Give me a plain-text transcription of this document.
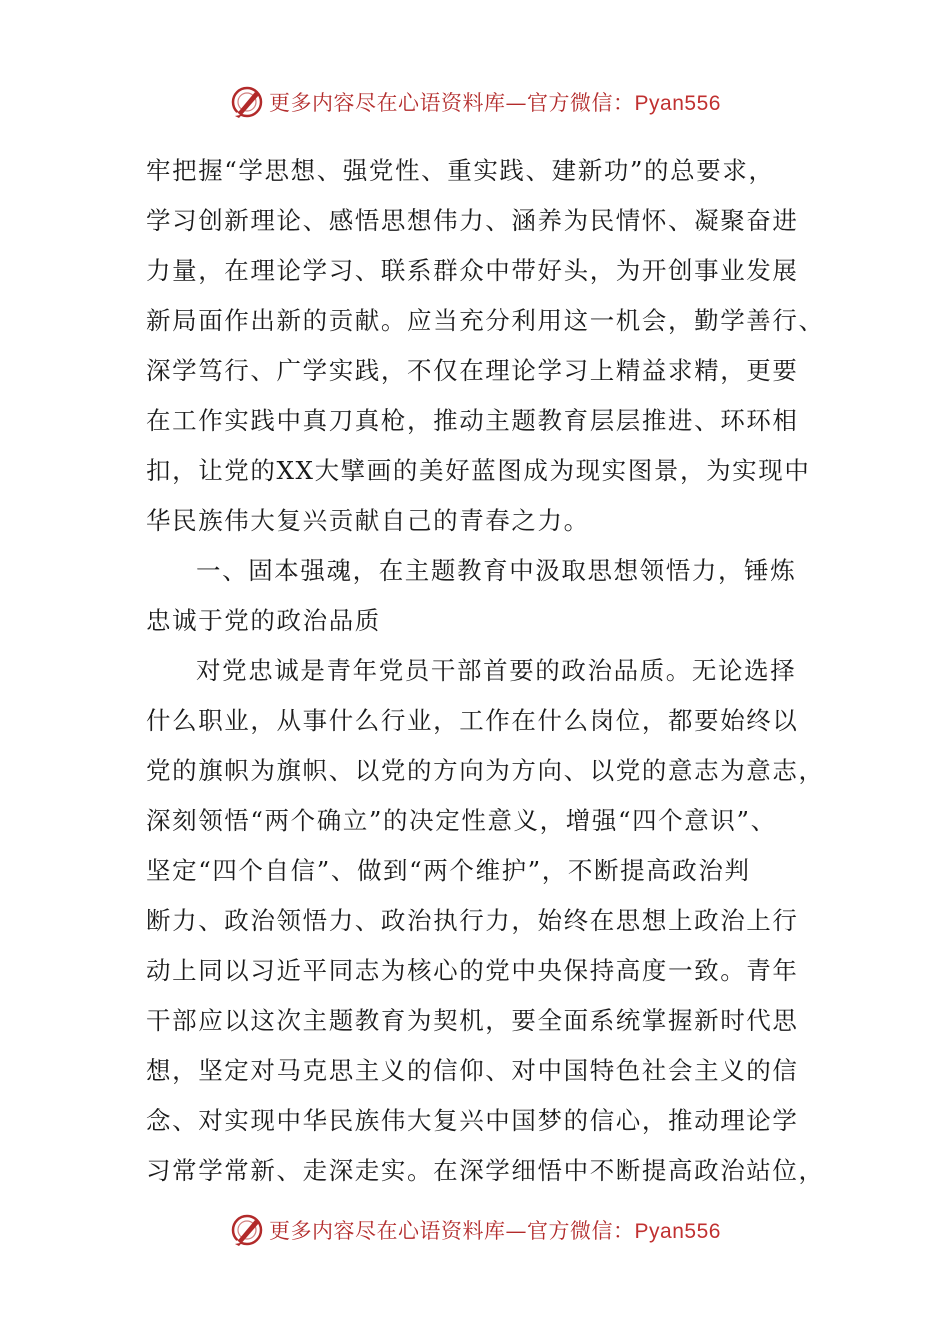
更多内容尽在心语资料库—官方微信：Pyan556
牢把握“学思想、强党性、重实践、建新功”的总要求，
学习创新理论、感悟思想伟力、涵养为民情怀、凝聚奋进
力量，在理论学习、联系群众中带好头，为开创事业发展
新局面作出新的贡献。应当充分利用这一机会，勤学善行、
深学笃行、广学实践，不仅在理论学习上精益求精，更要
在工作实践中真刀真枪，推动主题教育层层推进、环环相
扣，让党的XX大擘画的美好蓝图成为现实图景，为实现中
华民族伟大复兴贡献自己的青春之力。
一、固本强魂，在主题教育中汲取思想领悟力，锤炼
忠诚于党的政治品质
对党忠诚是青年党员干部首要的政治品质。无论选择
什么职业，从事什么行业，工作在什么岗位，都要始终以
党的旗帜为旗帜、以党的方向为方向、以党的意志为意志，
深刻领悟“两个确立”的决定性意义，增强“四个意识”、
坚定“四个自信”、做到“两个维护”，不断提高政治判
断力、政治领悟力、政治执行力，始终在思想上政治上行
动上同以习近平同志为核心的党中央保持高度一致。青年
干部应以这次主题教育为契机，要全面系统掌握新时代思
想，坚定对马克思主义的信仰、对中国特色社会主义的信
念、对实现中华民族伟大复兴中国梦的信心，推动理论学
习常学常新、走深走实。在深学细悟中不断提高政治站位，
更多内容尽在心语资料库—官方微信：Pyan556
